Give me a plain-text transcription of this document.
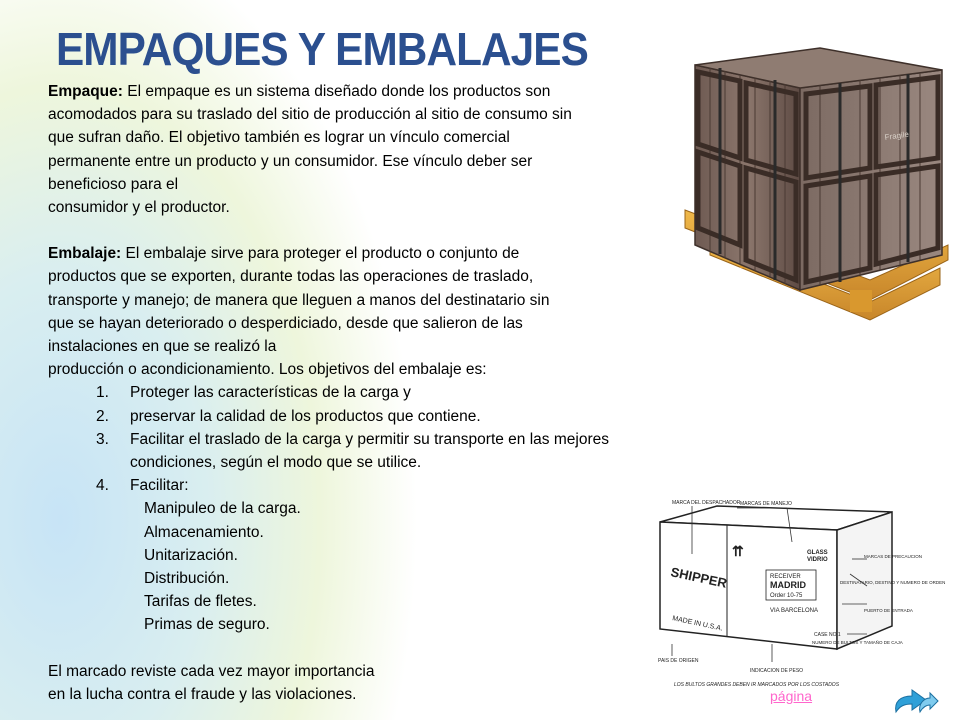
EMPAQUES Y EMBALAJES

Empaque: El empaque es un sistema diseñado donde los productos son

acomodados para su traslado del sitio de producción al sitio de consumo sin

que sufran daño. El objetivo también es lograr un vínculo comercial

permanente entre un producto y un consumidor. Ese vínculo deber ser

beneficioso para el

consumidor y el productor.

Embalaje: El embalaje sirve para proteger el producto o conjunto de

productos que se exporten, durante todas las operaciones de traslado,

transporte y manejo; de manera que lleguen a manos del destinatario sin

que se hayan deteriorado o desperdiciado, desde que salieron de las

instalaciones en que se realizó la

producción o acondicionamiento. Los objetivos del embalaje es:

1.	Proteger las características de la carga y
2.	preservar la calidad de los productos que contiene.
3.	Facilitar el traslado de la carga y permitir su transporte en las mejores condiciones, según el modo que se utilice.
4.	Facilitar:

Manipuleo de la carga.

Almacenamiento.

Unitarización.

Distribución.

Tarifas de fletes.

Primas de seguro.

El marcado reviste cada vez mayor importancia

en la lucha contra el fraude y las violaciones.

Fragile
MARCA DEL DESPACHADOR MARCAS DE MANEJO
SHIPPER
MADE IN U.S.A.
⇈	GLASS
VIDRIO
RECEIVER
MADRID
Order 10-75
VIA BARCELONA
CASE NO.1
MARCAS DE PRECAUCION
DESTINATARIO, DESTINO Y NUMERO DE ORDEN
PUERTO DE ENTRADA
NUMERO DE BULTOS Y TAMAÑO DE CAJA
PAIS DE ORIGEN
INDICACION DE PESO
LOS BULTOS GRANDES DEBEN IR MARCADOS POR LOS COSTADOS
página
